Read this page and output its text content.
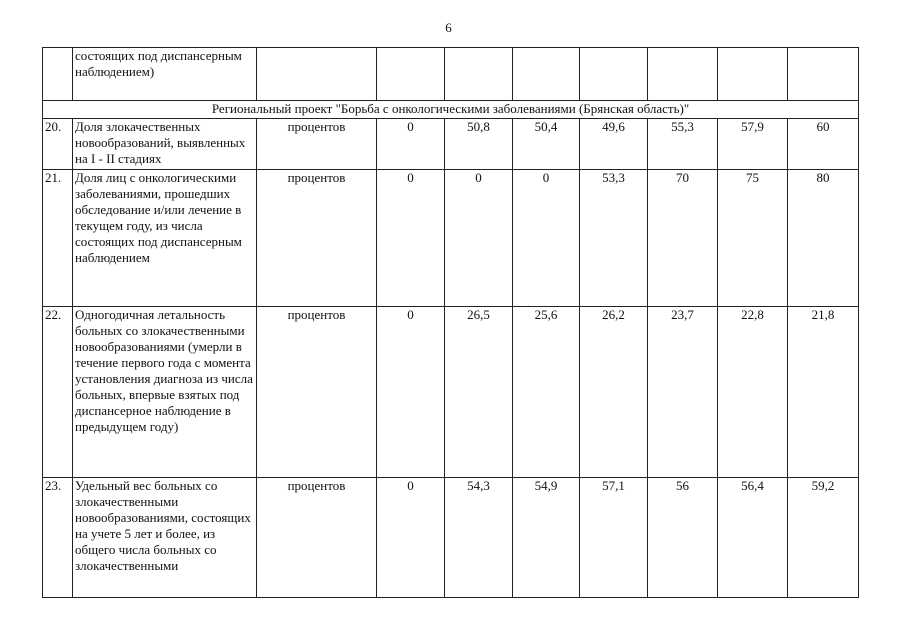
6
	состоящих под диспансерным наблюдением)								
Региональный проект "Борьба с онкологическими заболеваниями (Брянская область)"									
20.	Доля злокачественных новообразований, выявленных на I - II стадиях	процентов	0	50,8	50,4	49,6	55,3	57,9	60
21.	Доля лиц с онкологическими заболеваниями, прошедших обследование и/или лечение в текущем году, из числа состоящих под диспансерным наблюдением	процентов	0	0	0	53,3	70	75	80
22.	Одногодичная летальность больных со злокачественными новообразованиями (умерли в течение первого года с момента установления диагноза из числа больных, впервые взятых под диспансерное наблюдение в предыдущем году)	процентов	0	26,5	25,6	26,2	23,7	22,8	21,8
23.	Удельный вес больных со злокачественными новообразованиями, состоящих на учете 5 лет и более, из общего числа больных со злокачественными	процентов	0	54,3	54,9	57,1	56	56,4	59,2
